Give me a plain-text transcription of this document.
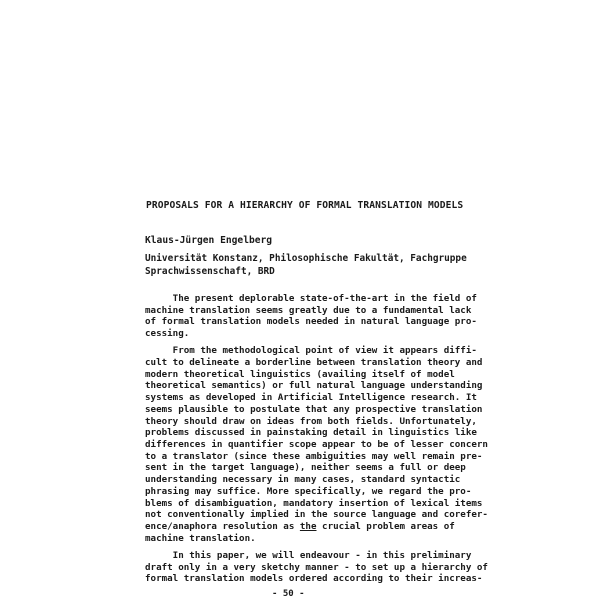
PROPOSALS FOR A HIERARCHY OF FORMAL TRANSLATION MODELS
Klaus-Jürgen Engelberg
Universität Konstanz, Philosophische Fakultät, Fachgruppe
Sprachwissenschaft, BRD
The present deplorable state-of-the-art in the field of
machine translation seems greatly due to a fundamental lack
of formal translation models needed in natural language pro-
cessing.
From the methodological point of view it appears diffi-
cult to delineate a borderline between translation theory and
modern theoretical linguistics (availing itself of model
theoretical semantics) or full natural language understanding
systems as developed in Artificial Intelligence research. It
seems plausible to postulate that any prospective translation
theory should draw on ideas from both fields. Unfortunately,
problems discussed in painstaking detail in linguistics like
differences in quantifier scope appear to be of lesser concern
to a translator (since these ambiguities may well remain pre-
sent in the target language), neither seems a full or deep
understanding necessary in many cases, standard syntactic
phrasing may suffice. More specifically, we regard the pro-
blems of disambiguation, mandatory insertion of lexical items
not conventionally implied in the source language and corefer-
ence/anaphora resolution as the crucial problem areas of
machine translation.
In this paper, we will endeavour - in this preliminary
draft only in a very sketchy manner - to set up a hierarchy of
formal translation models ordered according to their increas-
- 50 -
